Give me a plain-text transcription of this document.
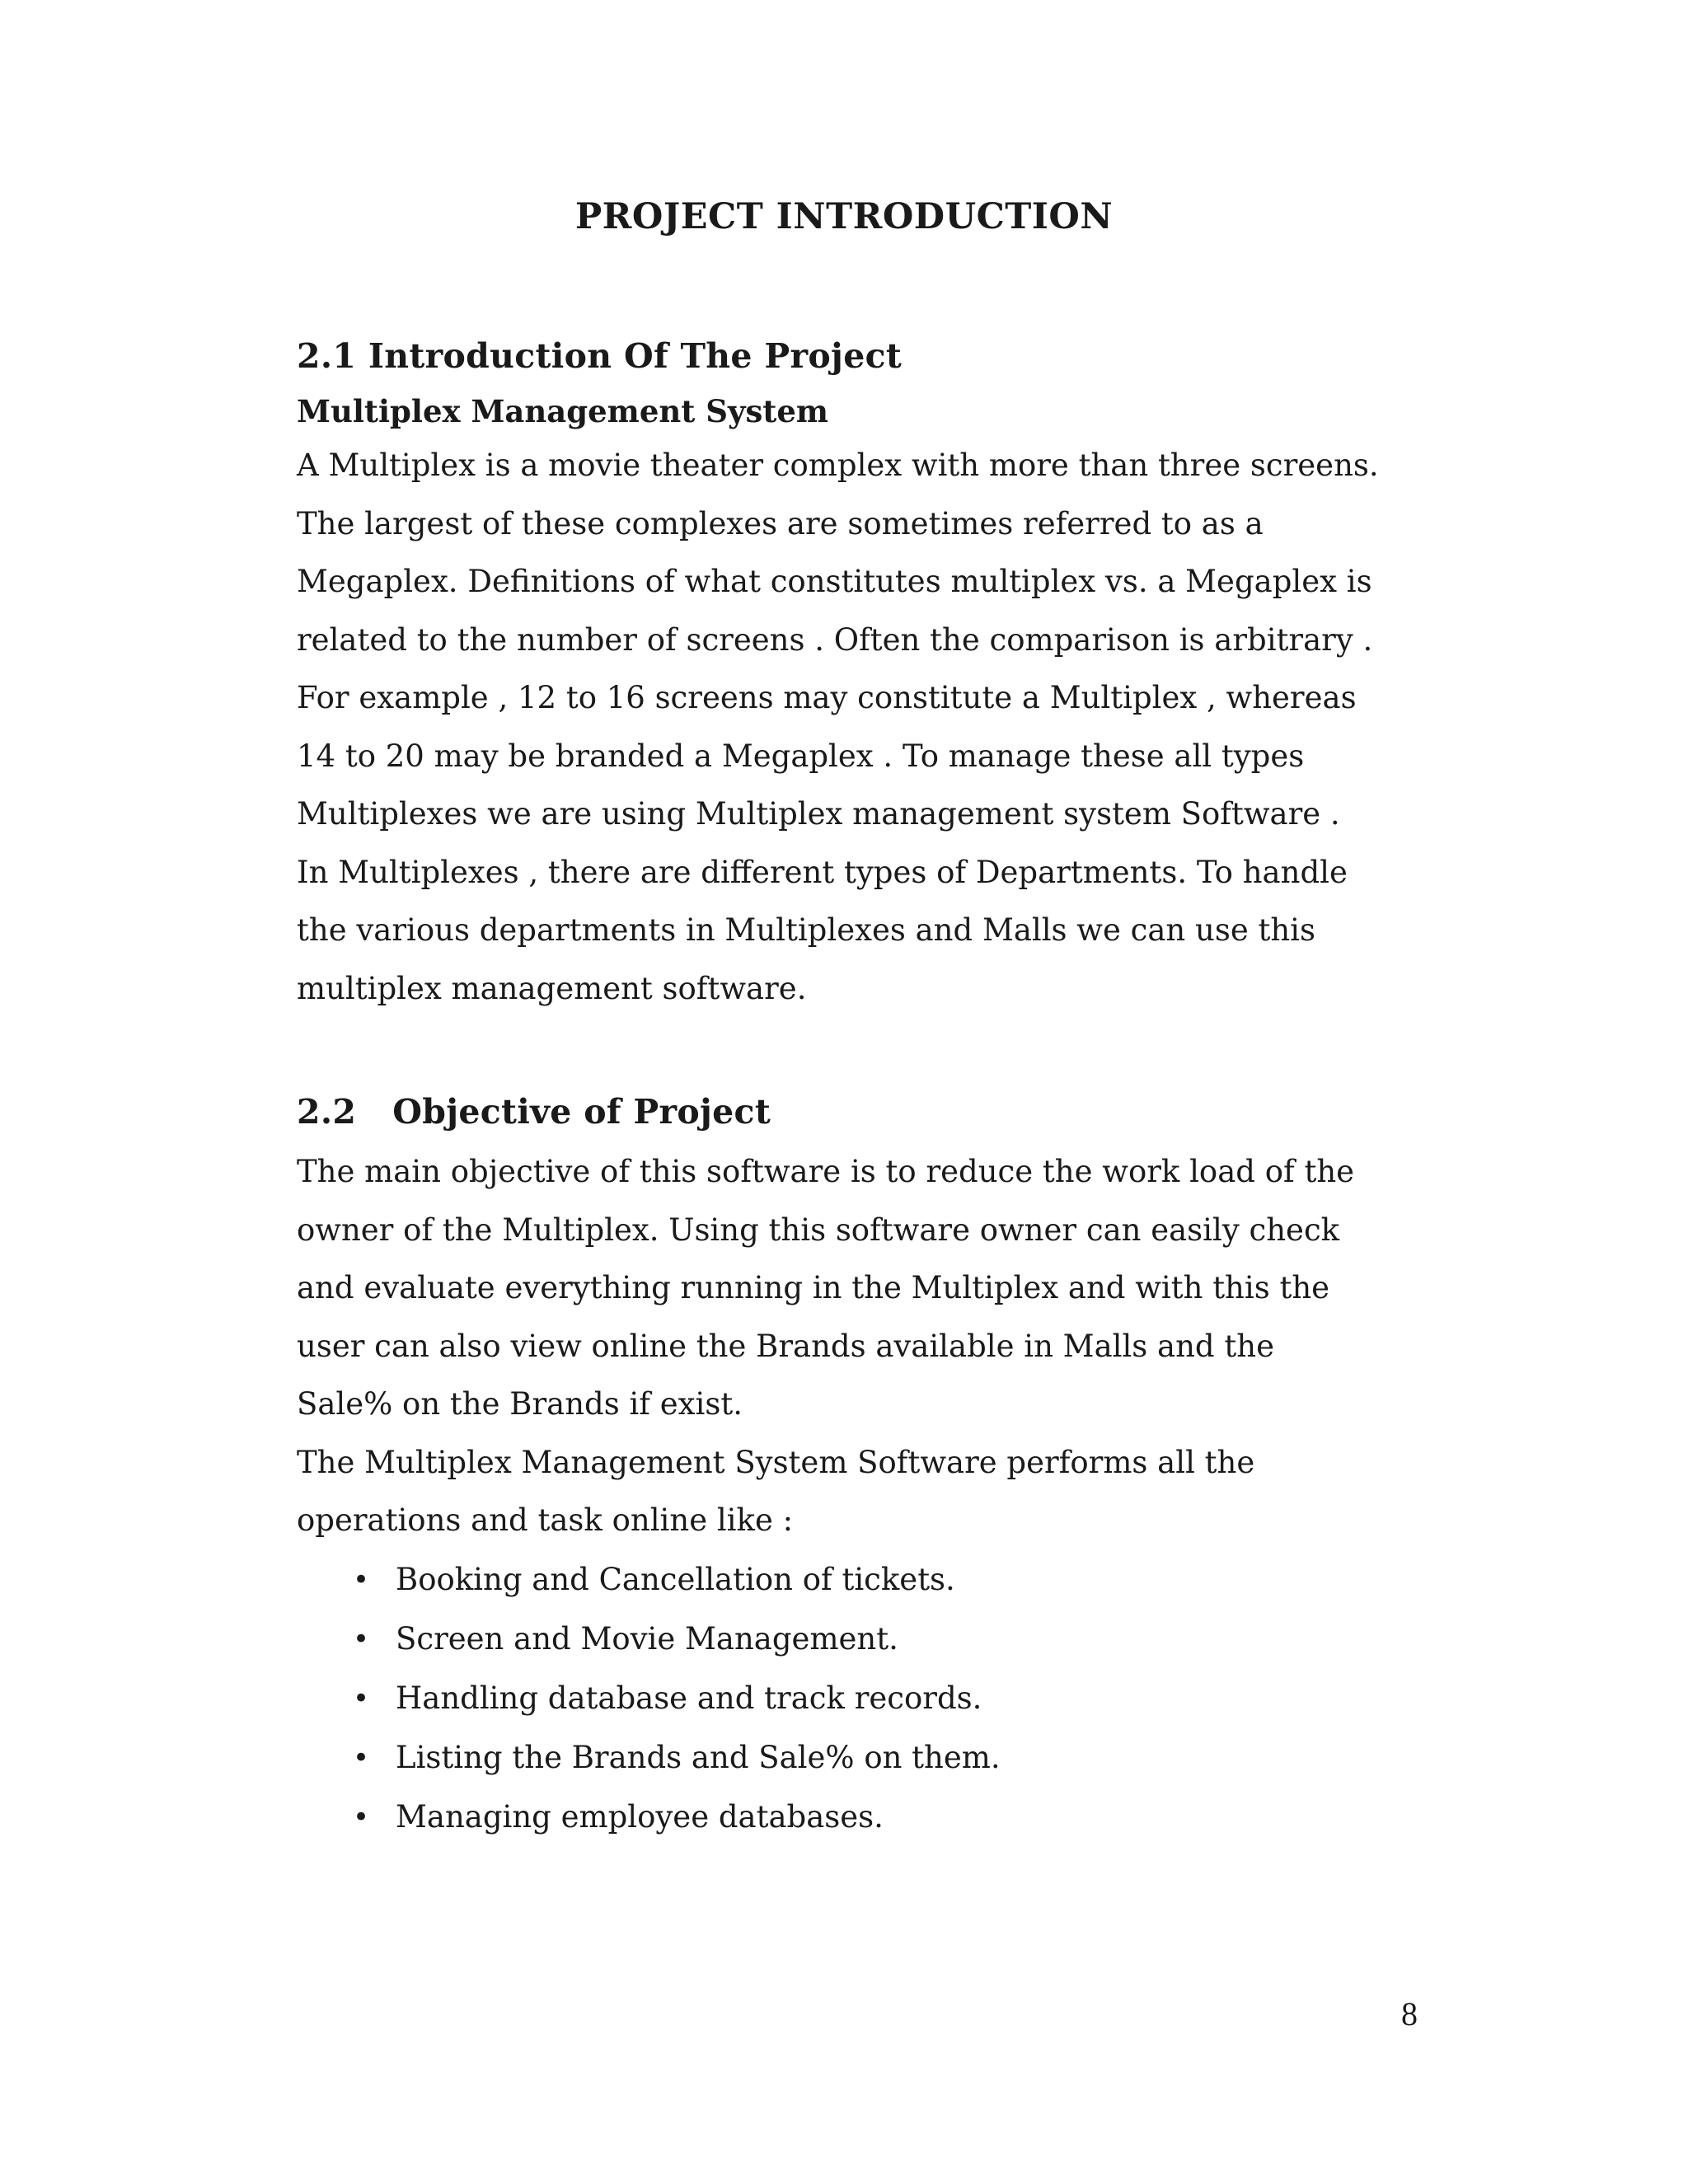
PROJECT INTRODUCTION
2.1 Introduction Of The Project
Multiplex Management System
A Multiplex is a movie theater complex with more than three screens.
The largest of these complexes are sometimes referred to as a
Megaplex. Definitions of what constitutes multiplex vs. a Megaplex is
related to the number of screens . Often the comparison is arbitrary .
For example , 12 to 16 screens may constitute a Multiplex , whereas
14 to 20 may be branded a Megaplex . To manage these all types
Multiplexes we are using Multiplex management system Software .
In Multiplexes , there are different types of Departments. To handle
the various departments in Multiplexes and Malls we can use this
multiplex management software.
2.2 Objective of Project
The main objective of this software is to reduce the work load of the
owner of the Multiplex. Using this software owner can easily check
and evaluate everything running in the Multiplex and with this the
user can also view online the Brands available in Malls and the
Sale% on the Brands if exist.
The Multiplex Management System Software performs all the
operations and task online like :
• Booking and Cancellation of tickets.
• Screen and Movie Management.
• Handling database and track records.
• Listing the Brands and Sale% on them.
• Managing employee databases.
8
